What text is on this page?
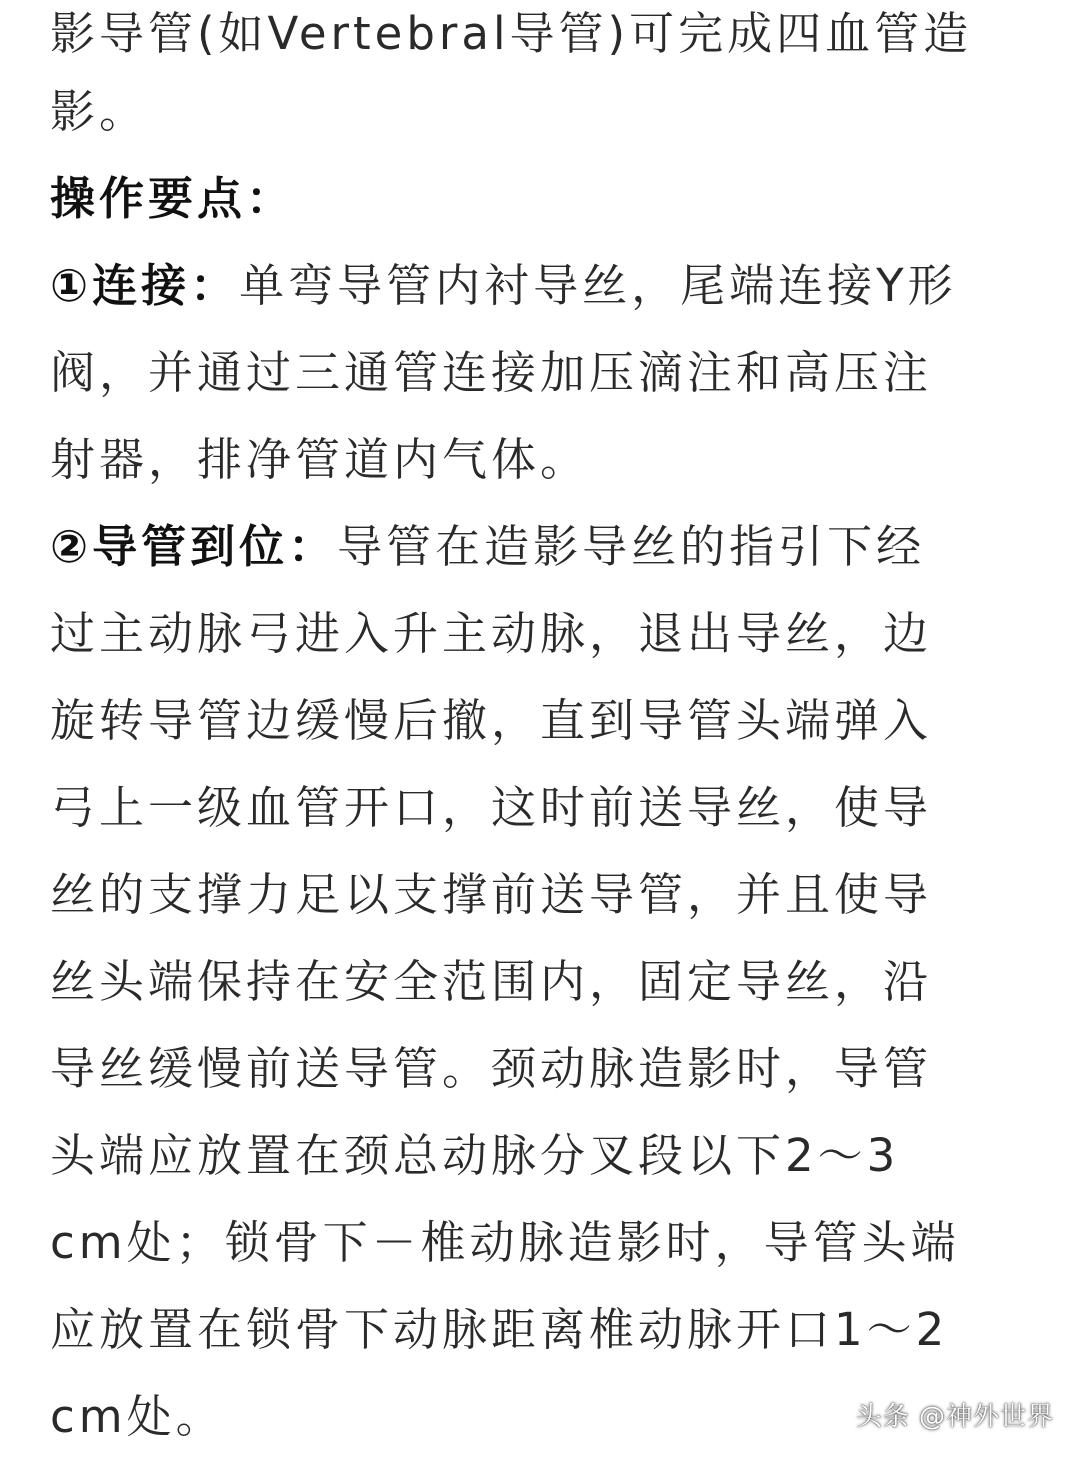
影导管(如Vertebral导管)可完成四血管造
影。
操作要点：
①连接：单弯导管内衬导丝，尾端连接Y形
阀，并通过三通管连接加压滴注和高压注
射器，排净管道内气体。
②导管到位：导管在造影导丝的指引下经
过主动脉弓进入升主动脉，退出导丝，边
旋转导管边缓慢后撤，直到导管头端弹入
弓上一级血管开口，这时前送导丝，使导
丝的支撑力足以支撑前送导管，并且使导
丝头端保持在安全范围内，固定导丝，沿
导丝缓慢前送导管。颈动脉造影时，导管
头端应放置在颈总动脉分叉段以下2～3
cm处；锁骨下－椎动脉造影时，导管头端
应放置在锁骨下动脉距离椎动脉开口1～2
cm处。	头条 @神外世界
